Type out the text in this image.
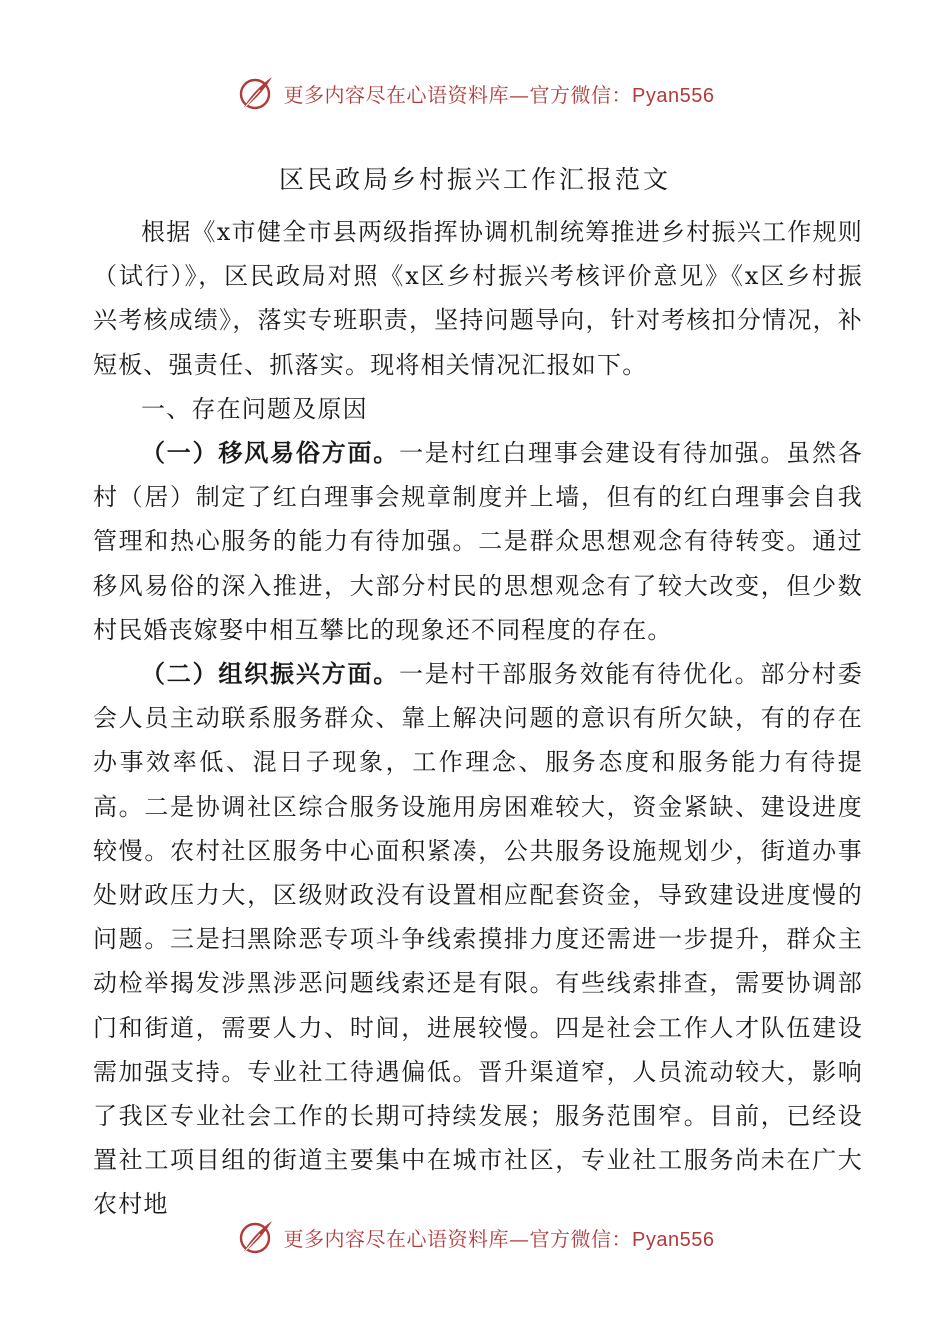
更多内容尽在心语资料库—官方微信：Pyan556
区民政局乡村振兴工作汇报范文

根据《x市健全市县两级指挥协调机制统筹推进乡村振兴工作规则（试行）》，区民政局对照《x区乡村振兴考核评价意见》《x区乡村振兴考核成绩》，落实专班职责，坚持问题导向，针对考核扣分情况，补短板、强责任、抓落实。现将相关情况汇报如下。

一、存在问题及原因

（一）移风易俗方面。一是村红白理事会建设有待加强。虽然各村（居）制定了红白理事会规章制度并上墙，但有的红白理事会自我管理和热心服务的能力有待加强。二是群众思想观念有待转变。通过移风易俗的深入推进，大部分村民的思想观念有了较大改变，但少数村民婚丧嫁娶中相互攀比的现象还不同程度的存在。

（二）组织振兴方面。一是村干部服务效能有待优化。部分村委会人员主动联系服务群众、靠上解决问题的意识有所欠缺，有的存在办事效率低、混日子现象，工作理念、服务态度和服务能力有待提高。二是协调社区综合服务设施用房困难较大，资金紧缺、建设进度较慢。农村社区服务中心面积紧凑，公共服务设施规划少，街道办事处财政压力大，区级财政没有设置相应配套资金，导致建设进度慢的问题。三是扫黑除恶专项斗争线索摸排力度还需进一步提升，群众主动检举揭发涉黑涉恶问题线索还是有限。有些线索排查，需要协调部门和街道，需要人力、时间，进展较慢。四是社会工作人才队伍建设需加强支持。专业社工待遇偏低。晋升渠道窄，人员流动较大，影响了我区专业社会工作的长期可持续发展；服务范围窄。目前，已经设置社工项目组的街道主要集中在城市社区，专业社工服务尚未在广大农村地

更多内容尽在心语资料库—官方微信：Pyan556
